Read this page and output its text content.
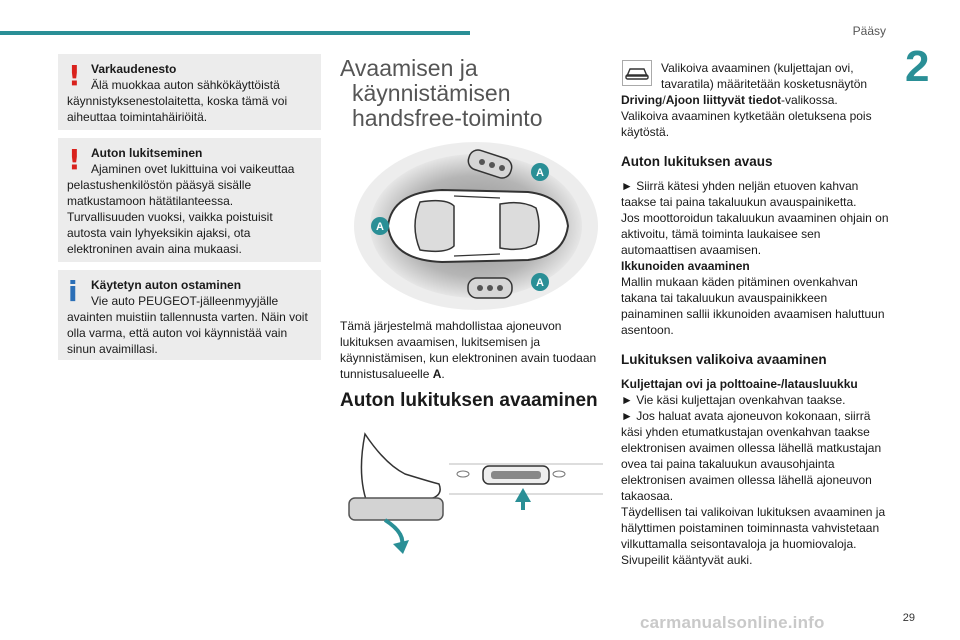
Pääsy
2
! Varkaudenesto
Älä muokkaa auton sähkökäyttöistä käynnistyksenestolaitetta, koska tämä voi aiheuttaa toimintahäiriöitä.
! Auton lukitseminen
Ajaminen ovet lukittuina voi vaikeuttaa pelastushenkilöstön pääsyä sisälle matkustamoon hätätilanteessa. Turvallisuuden vuoksi, vaikka poistuisit autosta vain lyhyeksikin ajaksi, ota elektroninen avain aina mukaasi.
i Käytetyn auton ostaminen
Vie auto PEUGEOT-jälleenmyyjälle avainten muistiin tallennusta varten. Näin voit olla varma, että auton voi käynnistää vain sinun avaimillasi.
Avaamisen ja
käynnistämisen
handsfree-toiminto
A
A
A
Tämä järjestelmä mahdollistaa ajoneuvon lukituksen avaamisen, lukitsemisen ja käynnistämisen, kun elektroninen avain tuodaan tunnistusalueelle A.
Auton lukituksen avaaminen
Valikoiva avaaminen (kuljettajan ovi, tavaratila) määritetään kosketusnäytön
Driving/Ajoon liittyvät tiedot-valikossa.
Valikoiva avaaminen kytketään oletuksena pois käytöstä.
Auton lukituksen avaus
► Siirrä kätesi yhden neljän etuoven kahvan taakse tai paina takaluukun avauspainiketta.
Jos moottoroidun takaluukun avaaminen ohjain on aktivoitu, tämä toiminta laukaisee sen automaattisen avaamisen.
Ikkunoiden avaaminen
Mallin mukaan käden pitäminen ovenkahvan takana tai takaluukun avauspainikkeen painaminen sallii ikkunoiden avaamisen haluttuun asentoon.
Lukituksen valikoiva avaaminen
Kuljettajan ovi ja polttoaine-/latausluukku
► Vie käsi kuljettajan ovenkahvan taakse.
► Jos haluat avata ajoneuvon kokonaan, siirrä käsi yhden etumatkustajan ovenkahvan taakse elektronisen avaimen ollessa lähellä matkustajan ovea tai paina takaluukun avausohjainta elektronisen avaimen ollessa lähellä ajoneuvon takaosaa.
Täydellisen tai valikoivan lukituksen avaaminen ja hälyttimen poistaminen toiminnasta vahvistetaan vilkuttamalla seisontavaloja ja huomiovaloja.
Sivupeilit kääntyvät auki.
carmanualsonline.info	29
